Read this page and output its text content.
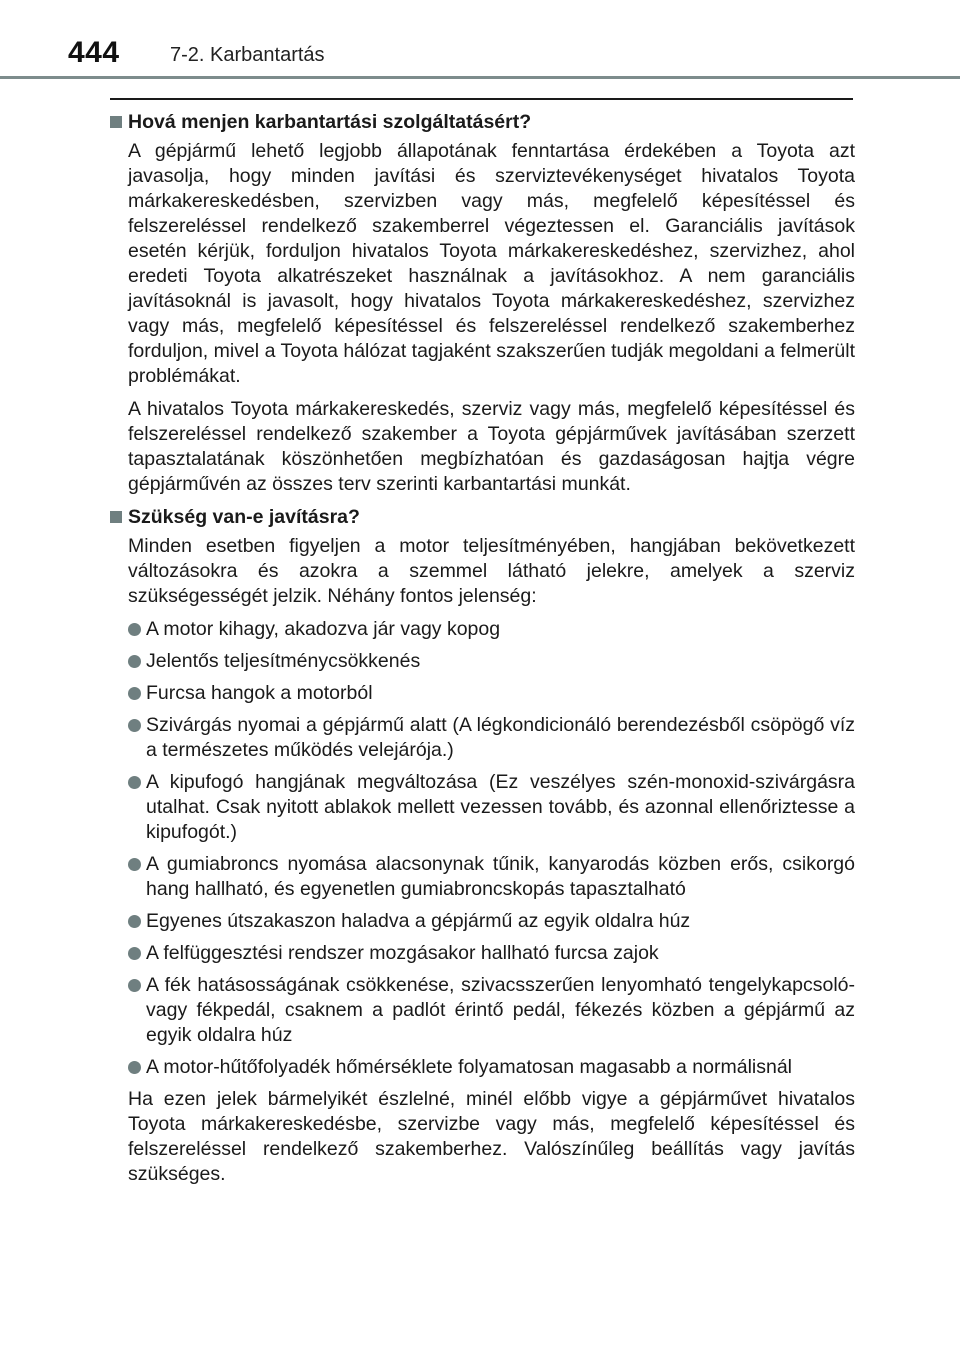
444	7-2. Karbantartás
Hová menjen karbantartási szolgáltatásért?

A gépjármű lehető legjobb állapotának fenntartása érdekében a Toyota azt javasolja, hogy minden javítási és szerviztevékenységet hivatalos Toyota márkakereskedésben, szervizben vagy más, megfelelő képesítéssel és felszereléssel rendelkező szakemberrel végeztessen el. Garanciális javítások esetén kérjük, forduljon hivatalos Toyota márkakereskedéshez, szervizhez, ahol eredeti Toyota alkatrészeket használnak a javításokhoz. A nem garanciális javításoknál is javasolt, hogy hivatalos Toyota márkakereskedéshez, szervizhez vagy más, megfelelő képesítéssel és felszereléssel rendelkező szakemberhez forduljon, mivel a Toyota hálózat tagjaként szakszerűen tudják megoldani a felmerült problémákat.

A hivatalos Toyota márkakereskedés, szerviz vagy más, megfelelő képesítéssel és felszereléssel rendelkező szakember a Toyota gépjárművek javításában szerzett tapasztalatának köszönhetően megbízhatóan és gazdaságosan hajtja végre gépjárművén az összes terv szerinti karbantartási munkát.

Szükség van-e javításra?

Minden esetben figyeljen a motor teljesítményében, hangjában bekövetkezett változásokra és azokra a szemmel látható jelekre, amelyek a szerviz szükségességét jelzik. Néhány fontos jelenség:

A motor kihagy, akadozva jár vagy kopog
Jelentős teljesítménycsökkenés
Furcsa hangok a motorból
Szivárgás nyomai a gépjármű alatt (A légkondicionáló berendezésből csöpögő víz a természetes működés velejárója.)
A kipufogó hangjának megváltozása (Ez veszélyes szén-monoxid-szivárgásra utalhat. Csak nyitott ablakok mellett vezessen tovább, és azonnal ellenőriztesse a kipufogót.)
A gumiabroncs nyomása alacsonynak tűnik, kanyarodás közben erős, csikorgó hang hallható, és egyenetlen gumiabroncskopás tapasztalható
Egyenes útszakaszon haladva a gépjármű az egyik oldalra húz
A felfüggesztési rendszer mozgásakor hallható furcsa zajok
A fék hatásosságának csökkenése, szivacsszerűen lenyomható tengelykapcsoló- vagy fékpedál, csaknem a padlót érintő pedál, fékezés közben a gépjármű az egyik oldalra húz
A motor-hűtőfolyadék hőmérséklete folyamatosan magasabb a normálisnál

Ha ezen jelek bármelyikét észlelné, minél előbb vigye a gépjárművet hivatalos Toyota márkakereskedésbe, szervizbe vagy más, megfelelő képesítéssel és felszereléssel rendelkező szakemberhez. Valószínűleg beállítás vagy javítás szükséges.
